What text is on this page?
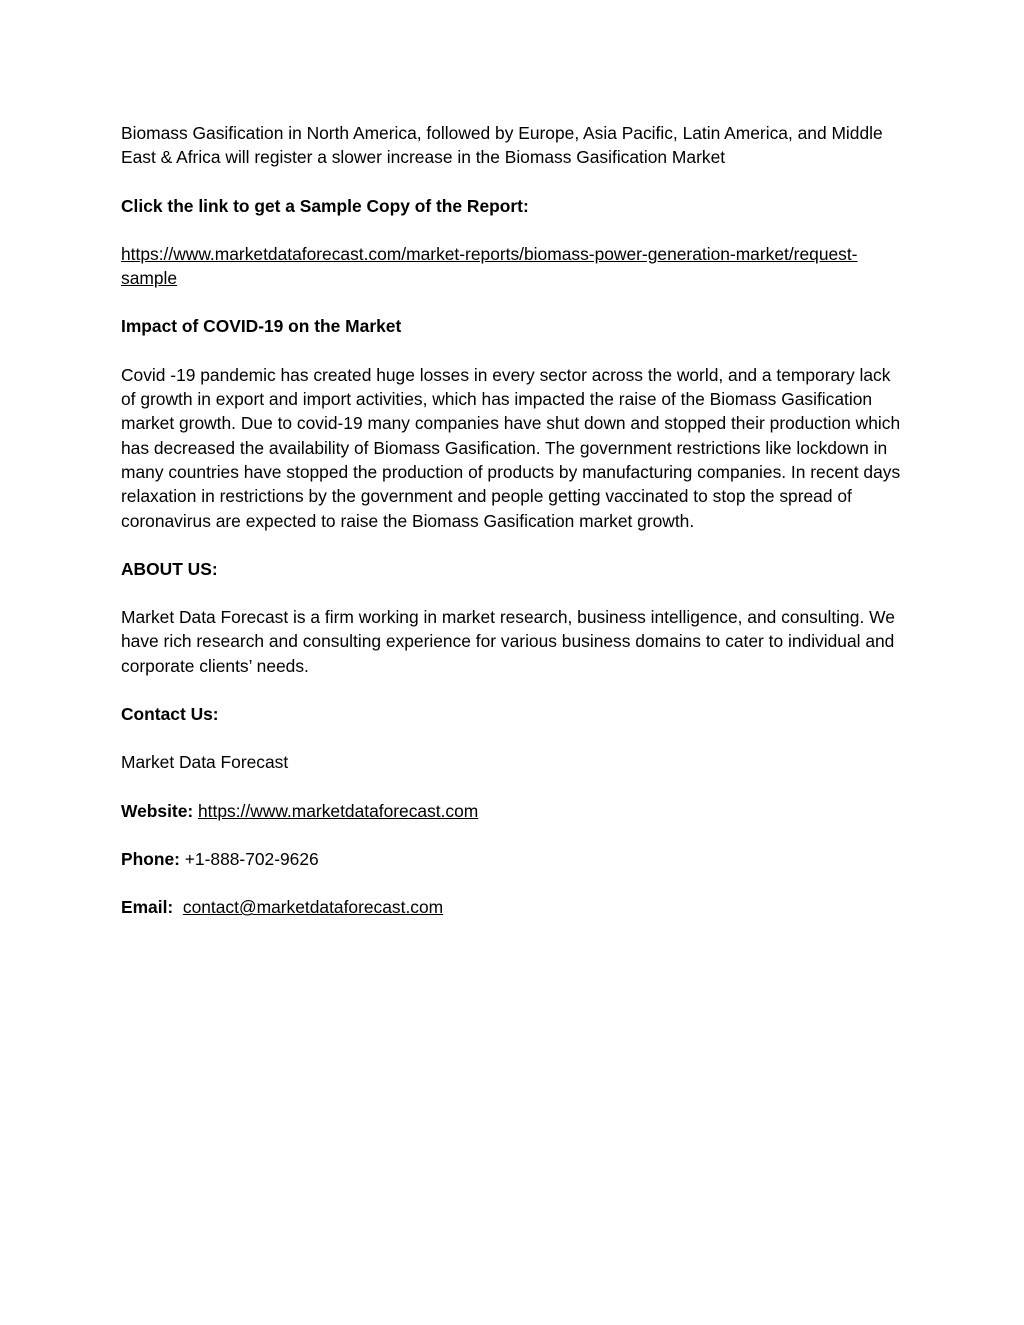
Biomass Gasification in North America, followed by Europe, Asia Pacific, Latin America, and Middle East & Africa will register a slower increase in the Biomass Gasification Market

Click the link to get a Sample Copy of the Report:

https://www.marketdataforecast.com/market-reports/biomass-power-generation-market/request-sample

Impact of COVID-19 on the Market

Covid -19 pandemic has created huge losses in every sector across the world, and a temporary lack of growth in export and import activities, which has impacted the raise of the Biomass Gasification market growth. Due to covid-19 many companies have shut down and stopped their production which has decreased the availability of Biomass Gasification. The government restrictions like lockdown in many countries have stopped the production of products by manufacturing companies. In recent days relaxation in restrictions by the government and people getting vaccinated to stop the spread of coronavirus are expected to raise the Biomass Gasification market growth.

ABOUT US:

Market Data Forecast is a firm working in market research, business intelligence, and consulting. We have rich research and consulting experience for various business domains to cater to individual and corporate clients’ needs.

Contact Us:

Market Data Forecast

Website: https://www.marketdataforecast.com

Phone: +1-888-702-9626

Email: contact@marketdataforecast.com
